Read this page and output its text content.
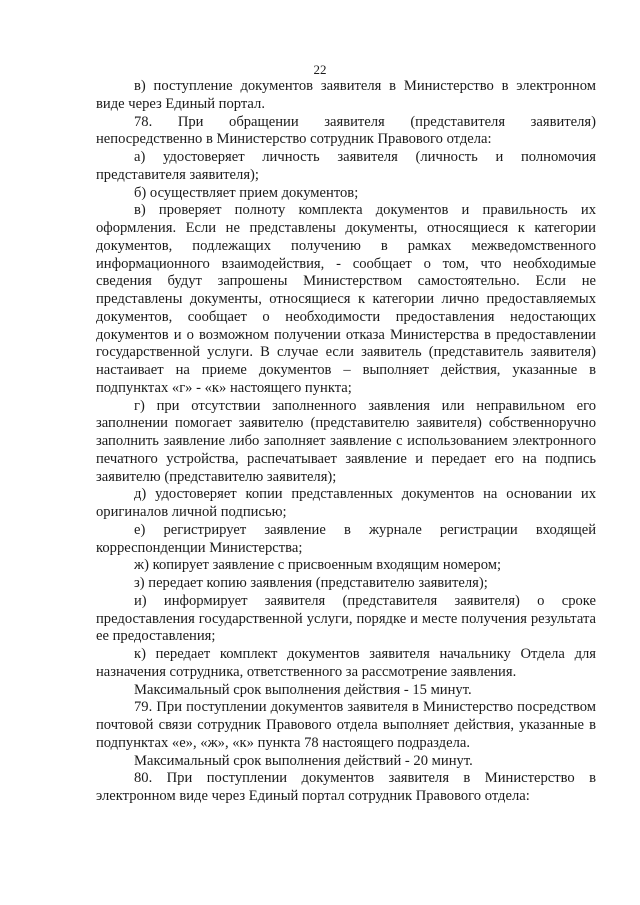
22

в) поступление документов заявителя в Министерство в электронном виде через Единый портал.

78. При обращении заявителя (представителя заявителя) непосредственно в Министерство сотрудник Правового отдела:

а) удостоверяет личность заявителя (личность и полномочия представителя заявителя);

б) осуществляет прием документов;

в) проверяет полноту комплекта документов и правильность их оформления. Если не представлены документы, относящиеся к категории документов, подлежащих получению в рамках межведомственного информационного взаимодействия, - сообщает о том, что необходимые сведения будут запрошены Министерством самостоятельно. Если не представлены документы, относящиеся к категории лично предоставляемых документов, сообщает о необходимости предоставления недостающих документов и о возможном получении отказа Министерства в предоставлении государственной услуги. В случае если заявитель (представитель заявителя) настаивает на приеме документов – выполняет действия, указанные в подпунктах «г» - «к» настоящего пункта;

г) при отсутствии заполненного заявления или неправильном его заполнении помогает заявителю (представителю заявителя) собственноручно заполнить заявление либо заполняет заявление с использованием электронного печатного устройства, распечатывает заявление и передает его на подпись заявителю (представителю заявителя);

д) удостоверяет копии представленных документов на основании их оригиналов личной подписью;

е) регистрирует заявление в журнале регистрации входящей корреспонденции Министерства;

ж) копирует заявление с присвоенным входящим номером;

з) передает копию заявления (представителю заявителя);

и) информирует заявителя (представителя заявителя) о сроке предоставления государственной услуги, порядке и месте получения результата ее предоставления;

к) передает комплект документов заявителя начальнику Отдела для назначения сотрудника, ответственного за рассмотрение заявления.

Максимальный срок выполнения действия - 15 минут.

79. При поступлении документов заявителя в Министерство посредством почтовой связи сотрудник Правового отдела выполняет действия, указанные в подпунктах «е», «ж», «к» пункта 78 настоящего подраздела.

Максимальный срок выполнения действий - 20 минут.

80. При поступлении документов заявителя в Министерство в электронном виде через Единый портал сотрудник Правового отдела:
